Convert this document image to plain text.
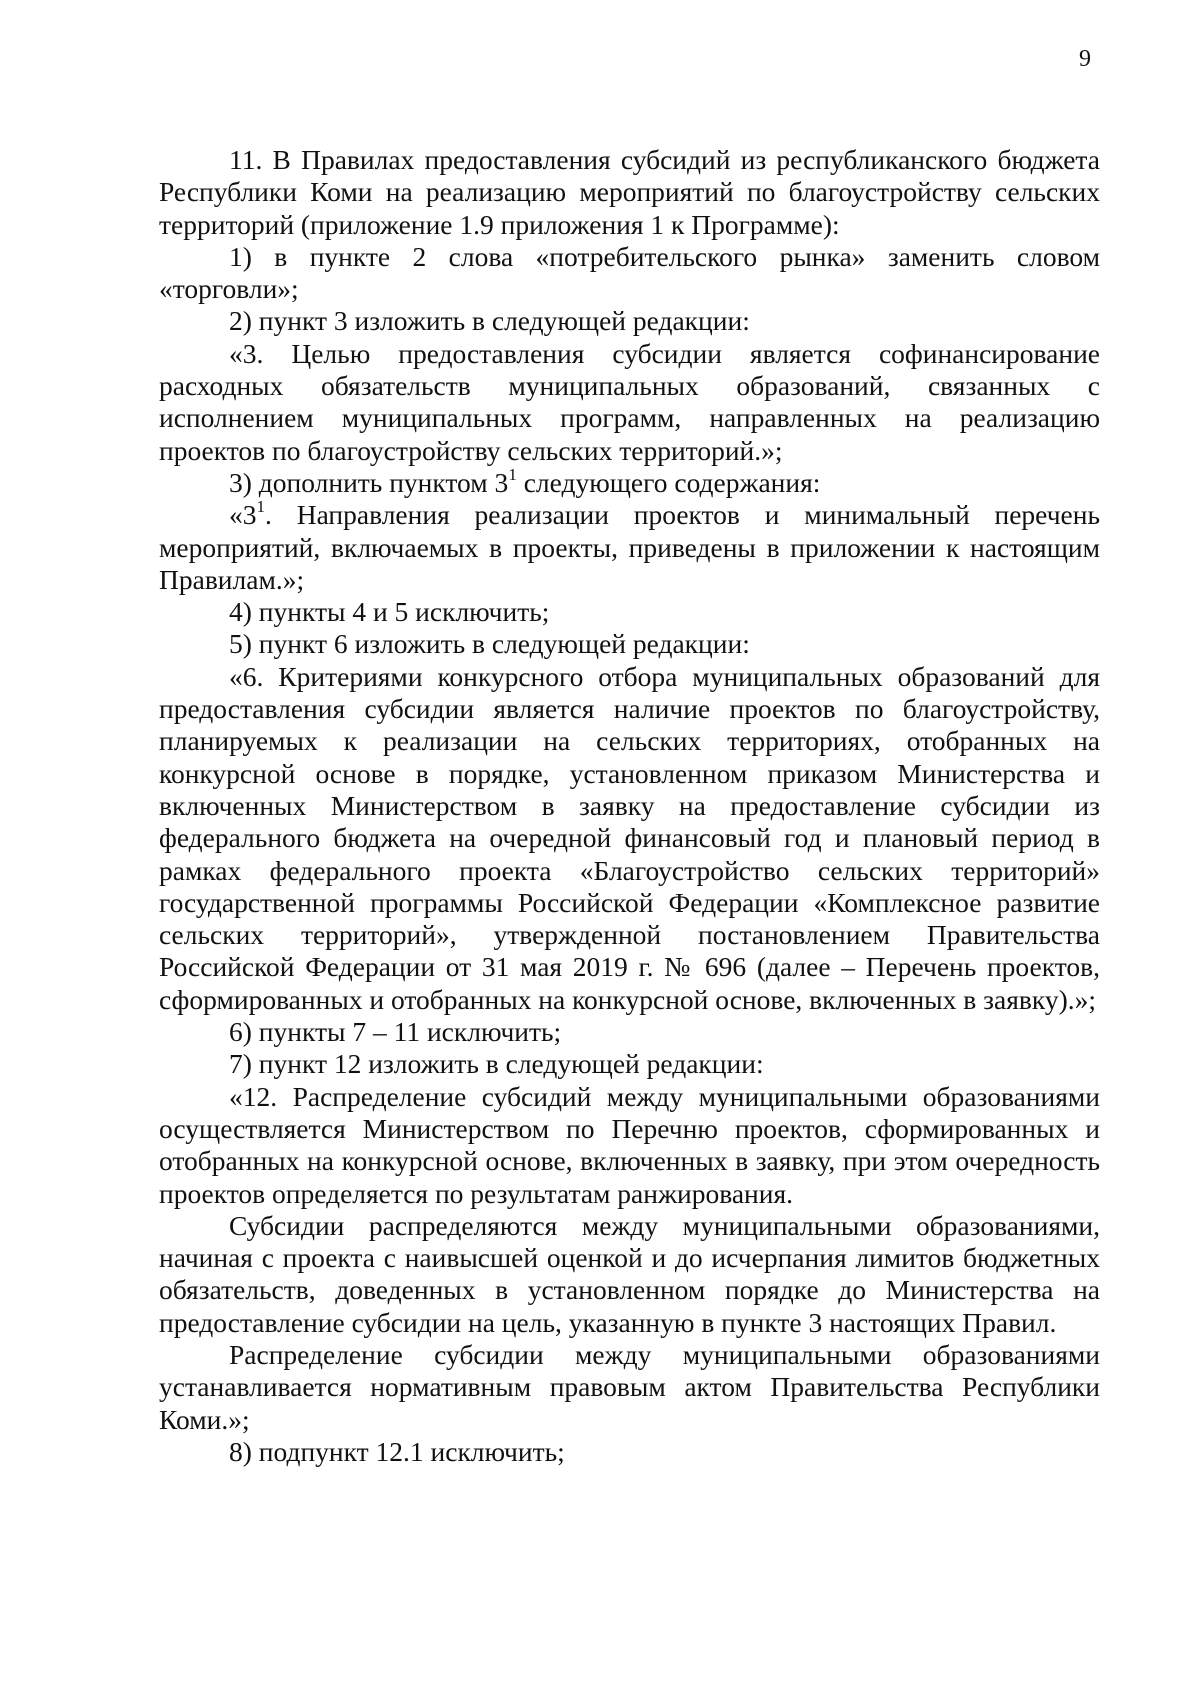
9

11. В Правилах предоставления субсидий из республиканского бюджета Республики Коми на реализацию мероприятий по благоустройству сельских территорий (приложение 1.9 приложения 1 к Программе):

1) в пункте 2 слова «потребительского рынка» заменить словом «торговли»;

2) пункт 3 изложить в следующей редакции:

«3. Целью предоставления субсидии является софинансирование расходных обязательств муниципальных образований, связанных с исполнением муниципальных программ, направленных на реализацию проектов по благоустройству сельских территорий.»;

3) дополнить пунктом $3^1$ следующего содержания:

«$3^1$. Направления реализации проектов и минимальный перечень мероприятий, включаемых в проекты, приведены в приложении к настоящим Правилам.»;

4) пункты 4 и 5 исключить;

5) пункт 6 изложить в следующей редакции:

«6. Критериями конкурсного отбора муниципальных образований для предоставления субсидии является наличие проектов по благоустройству, планируемых к реализации на сельских территориях, отобранных на конкурсной основе в порядке, установленном приказом Министерства и включенных Министерством в заявку на предоставление субсидии из федерального бюджета на очередной финансовый год и плановый период в рамках федерального проекта «Благоустройство сельских территорий» государственной программы Российской Федерации «Комплексное развитие сельских территорий», утвержденной постановлением Правительства Российской Федерации от 31 мая 2019 г. № 696 (далее – Перечень проектов, сформированных и отобранных на конкурсной основе, включенных в заявку).»;

6) пункты 7 – 11 исключить;

7) пункт 12 изложить в следующей редакции:

«12. Распределение субсидий между муниципальными образованиями осуществляется Министерством по Перечню проектов, сформированных и отобранных на конкурсной основе, включенных в заявку, при этом очередность проектов определяется по результатам ранжирования.

Субсидии распределяются между муниципальными образованиями, начиная с проекта с наивысшей оценкой и до исчерпания лимитов бюджетных обязательств, доведенных в установленном порядке до Министерства на предоставление субсидии на цель, указанную в пункте 3 настоящих Правил.

Распределение субсидии между муниципальными образованиями устанавливается нормативным правовым актом Правительства Республики Коми.»;

8) подпункт 12.1 исключить;
